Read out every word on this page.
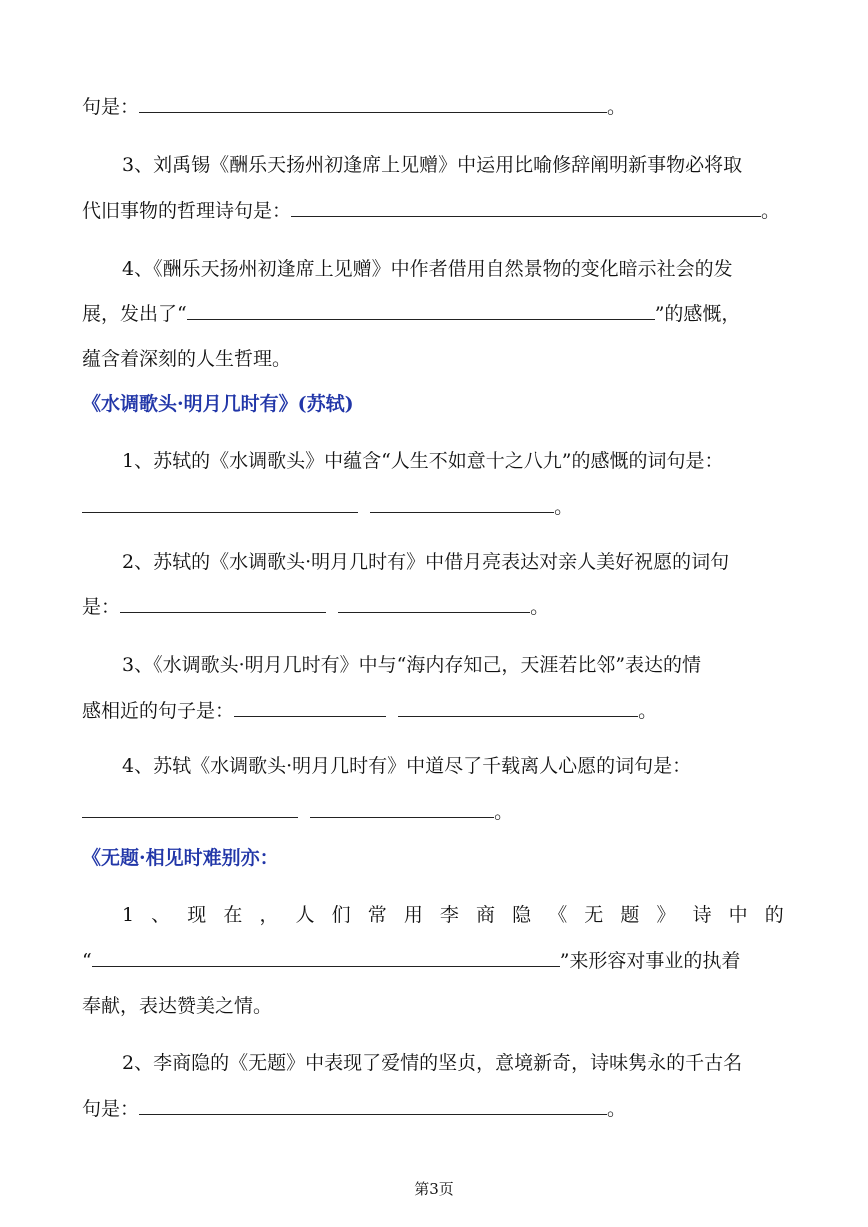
句是：	。
3、刘禹锡《酬乐天扬州初逢席上见赠》中运用比喻修辞阐明新事物必将取
代旧事物的哲理诗句是：	。
4、《酬乐天扬州初逢席上见赠》中作者借用自然景物的变化暗示社会的发
展，发出了“	”的感慨，
蕴含着深刻的人生哲理。
《水调歌头·明月几时有》(苏轼)
1、苏轼的《水调歌头》中蕴含“人生不如意十之八九”的感慨的词句是：
。
2、苏轼的《水调歌头·明月几时有》中借月亮表达对亲人美好祝愿的词句
是：	。
3、《水调歌头·明月几时有》中与“海内存知己，天涯若比邻”表达的情
感相近的句子是：	。
4、苏轼《水调歌头·明月几时有》中道尽了千载离人心愿的词句是：
。
《无题·相见时难别亦：
1 、 现 在 ， 人 们 常 用 李 商 隐 《 无 题 》 诗 中 的
“	”来形容对事业的执着
奉献，表达赞美之情。
2、李商隐的《无题》中表现了爱情的坚贞，意境新奇，诗味隽永的千古名
句是：	。
第3页
